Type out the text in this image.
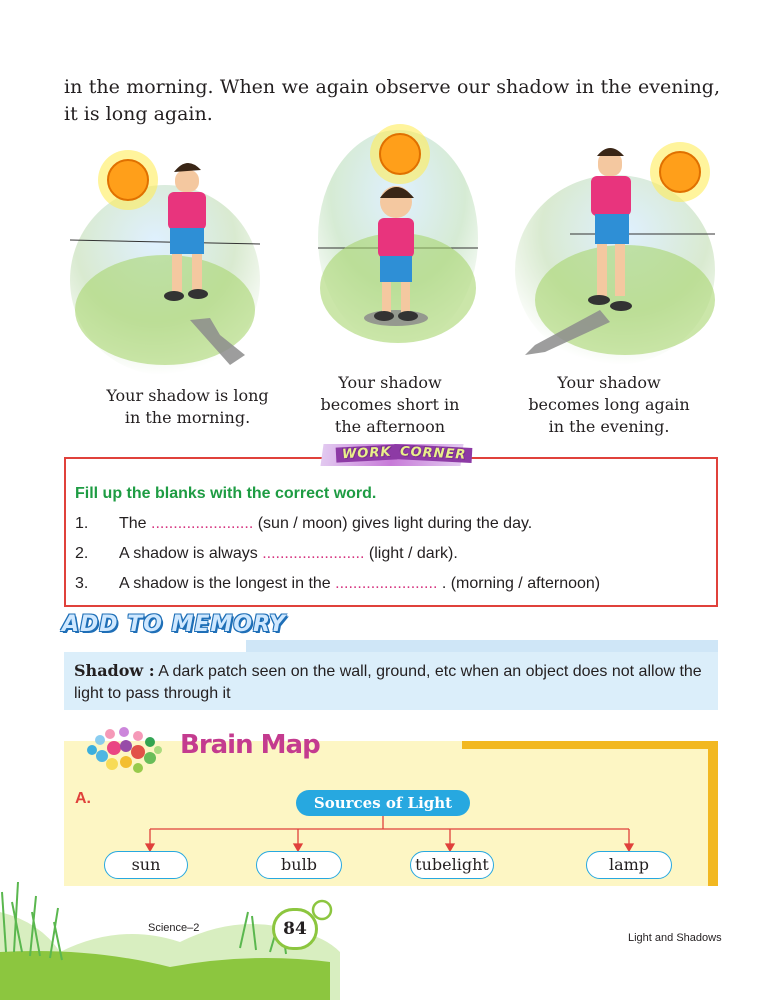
in the morning. When we again observe our shadow in the evening, it is long again.
Your shadow is long in the morning.
Your shadow becomes short in the afternoon
Your shadow becomes long again in the evening.
WORK CORNER
Fill up the blanks with the correct word.
1. The ....................... (sun / moon) gives light during the day.
2. A shadow is always ....................... (light / dark).
3. A shadow is the longest in the ....................... . (morning / afternoon)
ADD TO MEMORY
Shadow : A dark patch seen on the wall, ground, etc when an object does not allow the light to pass through it
Brain Map
A.	Sources of Light
sun	bulb	tubelight	lamp
Science–2	84	Light and Shadows
